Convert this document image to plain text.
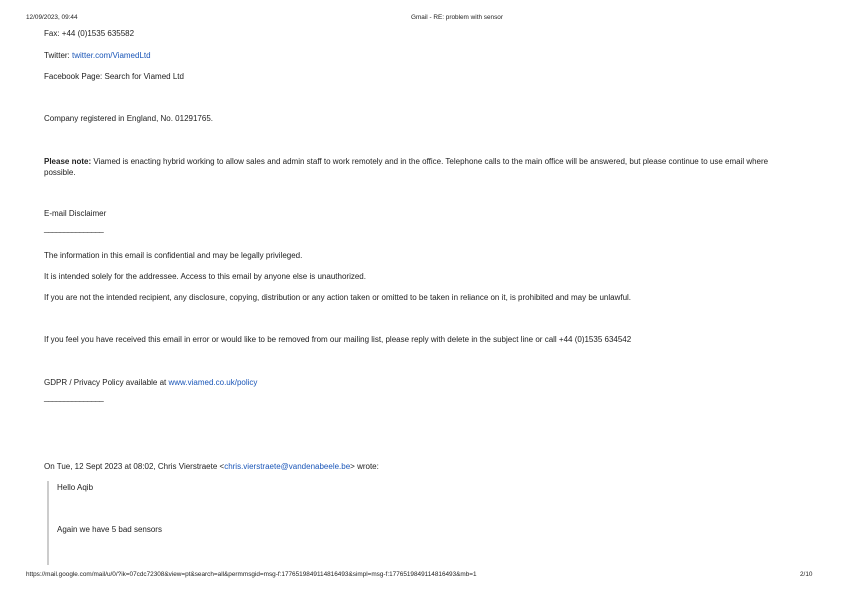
12/09/2023, 09:44	Gmail - RE: problem with sensor
Fax: +44 (0)1535 635582
Twitter: twitter.com/ViamedLtd
Facebook Page: Search for Viamed Ltd
Company registered in England, No. 01291765.
Please note: Viamed is enacting hybrid working to allow sales and admin staff to work remotely and in the office. Telephone calls to the main office will be answered, but please continue to use email where possible.
E-mail Disclaimer
_______________
The information in this email is confidential and may be legally privileged.
It is intended solely for the addressee. Access to this email by anyone else is unauthorized.
If you are not the intended recipient, any disclosure, copying, distribution or any action taken or omitted to be taken in reliance on it, is prohibited and may be unlawful.
If you feel you have received this email in error or would like to be removed from our mailing list, please reply with delete in the subject line or call +44 (0)1535 634542
GDPR / Privacy Policy available at www.viamed.co.uk/policy
_______________
On Tue, 12 Sept 2023 at 08:02, Chris Vierstraete <chris.vierstraete@vandenabeele.be> wrote:
Hello Aqib
Again we have 5 bad sensors
https://mail.google.com/mail/u/0/?ik=07cdc72308&view=pt&search=all&permmsgid=msg-f:1776519849114816493&simpl=msg-f:1776519849114816493&mb=1	2/10
